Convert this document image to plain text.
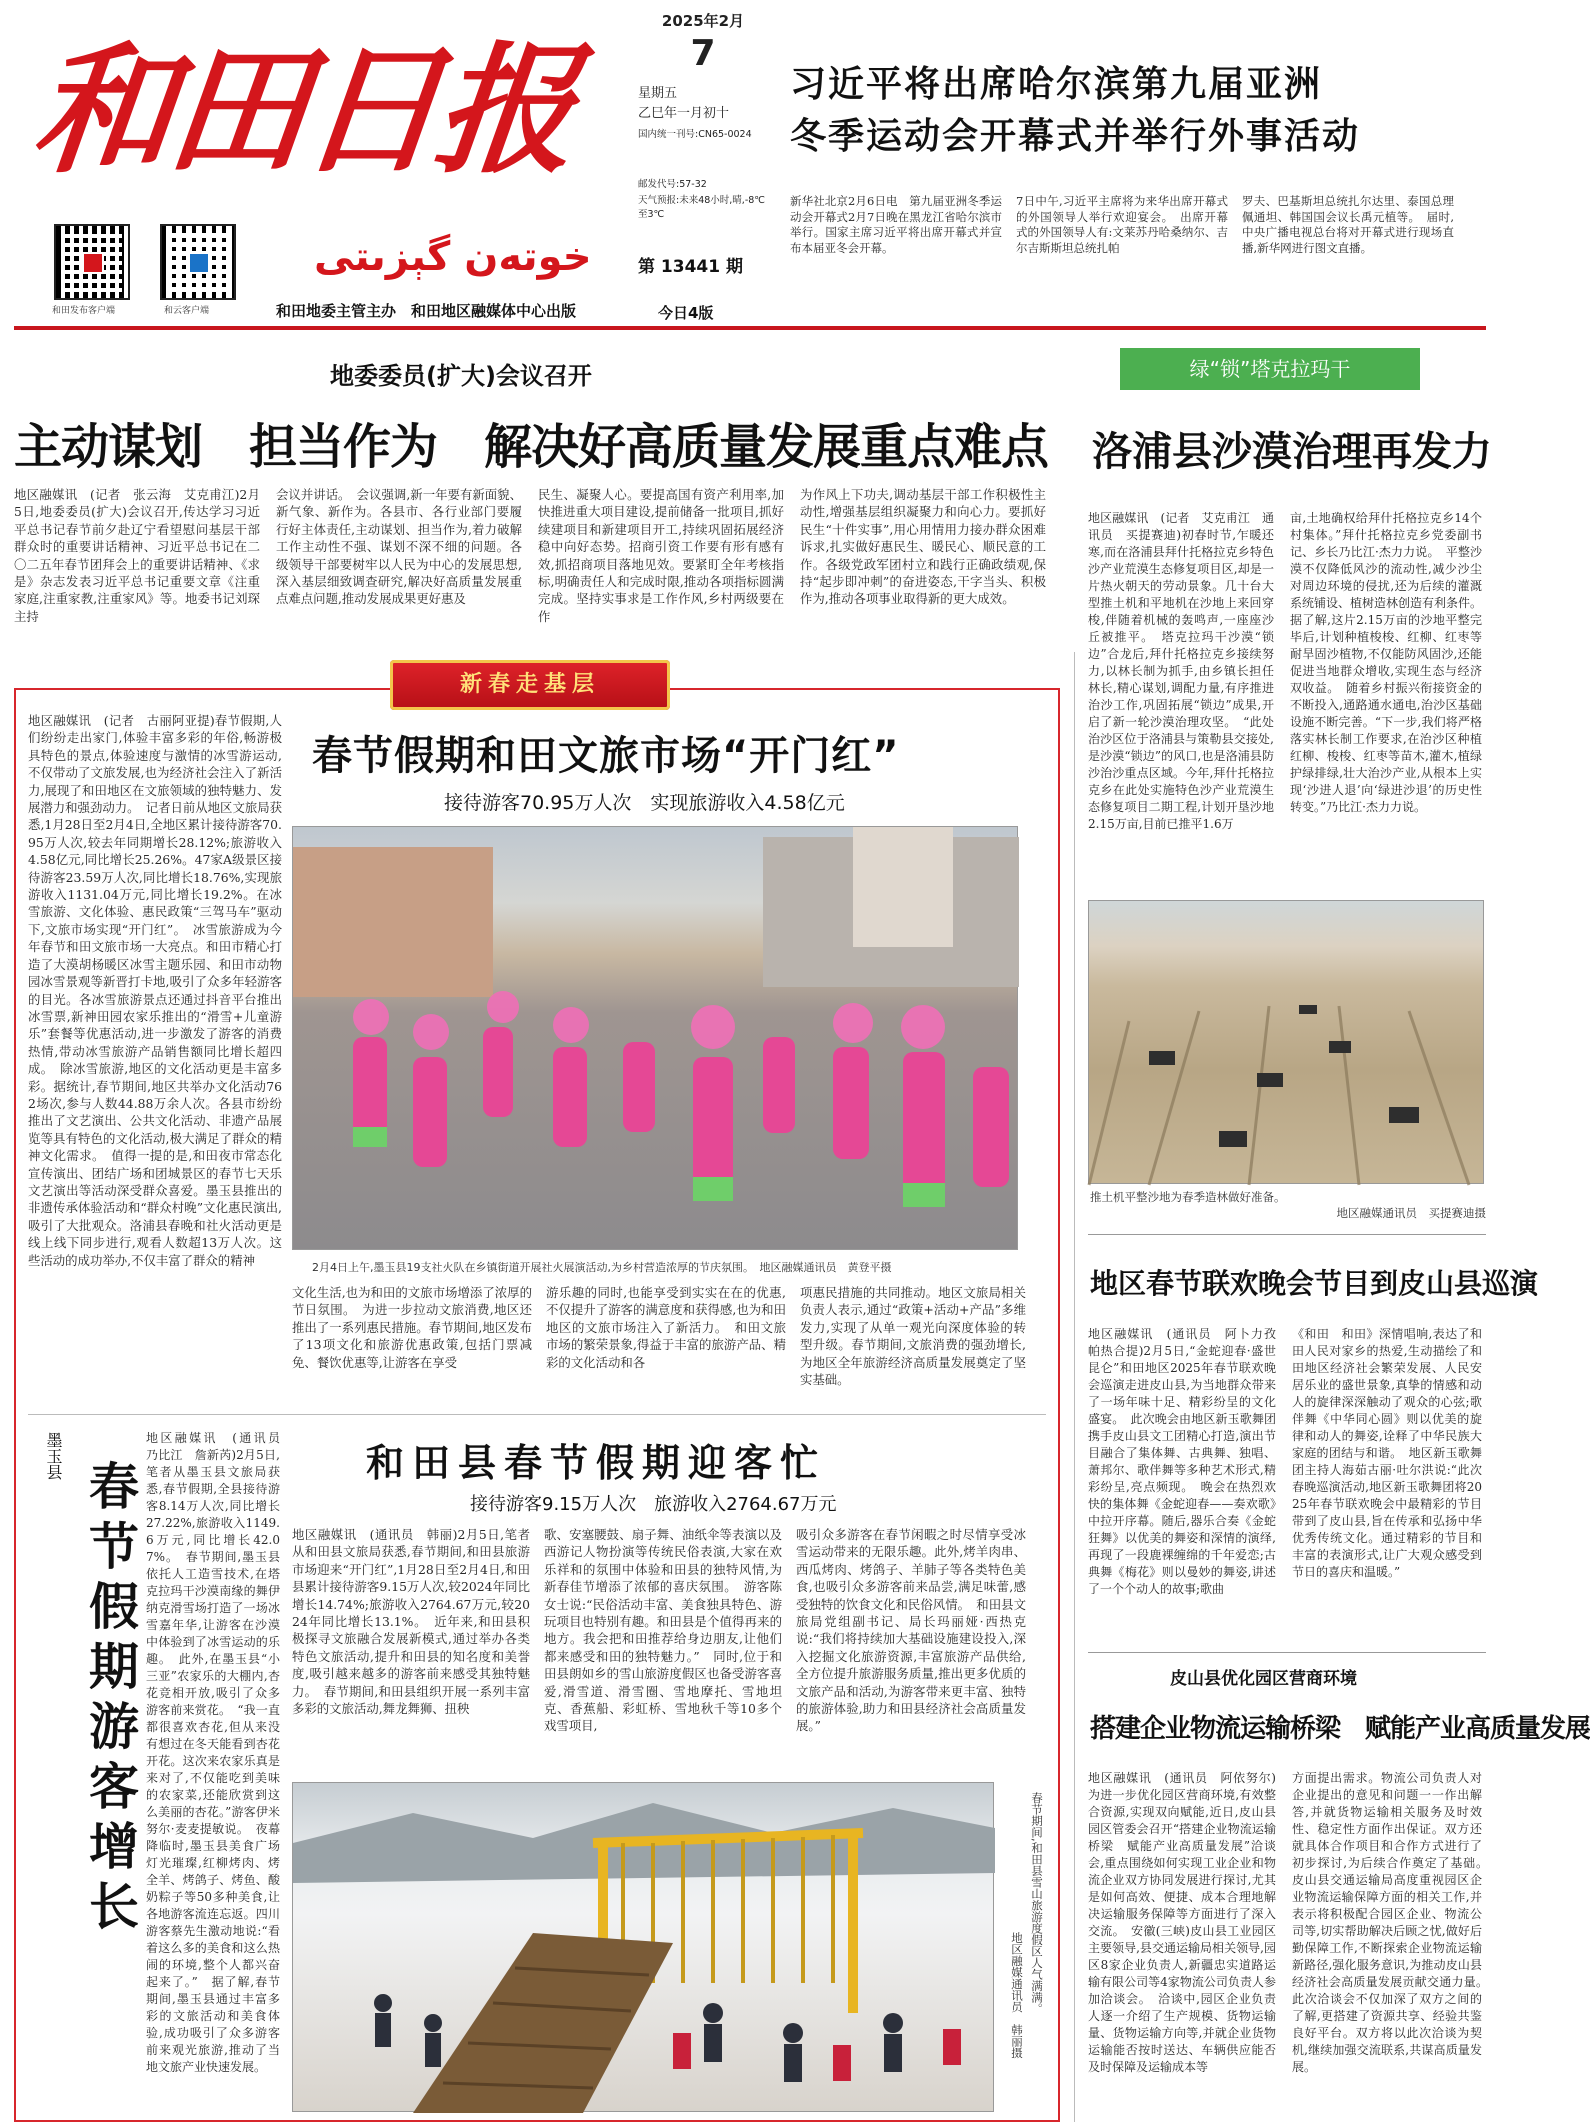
和田日报
和田发布客户端	和云客户端
خوتەن گېزىتى
和田地委主管主办　和田地区融媒体中心出版
2025年2月
7
星期五
乙巳年一月初十
国内统一刊号:CN65-0024
邮发代号:57-32
天气预报:未来48小时,晴,-8℃至3℃
第 13441 期
今日4版
习近平将出席哈尔滨第九届亚洲
冬季运动会开幕式并举行外事活动
新华社北京2月6日电　第九届亚洲冬季运动会开幕式2月7日晚在黑龙江省哈尔滨市举行。国家主席习近平将出席开幕式并宣布本届亚冬会开幕。
7日中午,习近平主席将为来华出席开幕式的外国领导人举行欢迎宴会。　出席开幕式的外国领导人有:文莱苏丹哈桑纳尔、吉尔吉斯斯坦总统扎帕
罗夫、巴基斯坦总统扎尔达里、泰国总理佩通坦、韩国国会议长禹元植等。　届时,中央广播电视总台将对开幕式进行现场直播,新华网进行图文直播。
地委委员(扩大)会议召开
主动谋划　担当作为　解决好高质量发展重点难点
地区融媒讯　(记者　张云海　艾克甫江)2月5日,地委委员(扩大)会议召开,传达学习习近平总书记春节前夕赴辽宁看望慰问基层干部群众时的重要讲话精神、习近平总书记在二〇二五年春节团拜会上的重要讲话精神、《求是》杂志发表习近平总书记重要文章《注重家庭,注重家教,注重家风》等。地委书记刘琛主持
会议并讲话。　会议强调,新一年要有新面貌、新气象、新作为。各县市、各行业部门要履行好主体责任,主动谋划、担当作为,着力破解工作主动性不强、谋划不深不细的问题。各级领导干部要树牢以人民为中心的发展思想,深入基层细致调查研究,解决好高质量发展重点难点问题,推动发展成果更好惠及
民生、凝聚人心。要提高国有资产利用率,加快推进重大项目建设,提前储备一批项目,抓好续建项目和新建项目开工,持续巩固拓展经济稳中向好态势。招商引资工作要有形有感有效,抓招商项目落地见效。要紧盯全年考核指标,明确责任人和完成时限,推动各项指标圆满完成。坚持实事求是工作作风,乡村两级要在作
为作风上下功夫,调动基层干部工作积极性主动性,增强基层组织凝聚力和向心力。要抓好民生“十件实事”,用心用情用力接办群众困难诉求,扎实做好惠民生、暖民心、顺民意的工作。各级党政军团村立和践行正确政绩观,保持“起步即冲刺”的奋进姿态,干字当头、积极作为,推动各项事业取得新的更大成效。
绿“锁”塔克拉玛干
洛浦县沙漠治理再发力
地区融媒讯　(记者　艾克甫江　通讯员　买提赛迪)初春时节,乍暖还寒,而在洛浦县拜什托格拉克乡特色沙产业荒漠生态修复项目区,却是一片热火朝天的劳动景象。几十台大型推土机和平地机在沙地上来回穿梭,伴随着机械的轰鸣声,一座座沙丘被推平。　塔克拉玛干沙漠“锁边”合龙后,拜什托格拉克乡接续努力,以林长制为抓手,由乡镇长担任林长,精心谋划,调配力量,有序推进治沙工作,巩固拓展“锁边”成果,开启了新一轮沙漠治理攻坚。　“此处治沙区位于洛浦县与策勒县交接处,是沙漠“锁边”的风口,也是洛浦县防沙治沙重点区域。今年,拜什托格拉克乡在此处实施特色沙产业荒漠生态修复项目二期工程,计划开垦沙地2.15万亩,目前已推平1.6万
亩,土地确权给拜什托格拉克乡14个村集体。”拜什托格拉克乡党委副书记、乡长乃比江·杰力力说。　平整沙漠不仅降低风沙的流动性,减少沙尘对周边环境的侵扰,还为后续的灌溉系统铺设、植树造林创造有利条件。据了解,这片2.15万亩的沙地平整完毕后,计划种植梭梭、红柳、红枣等耐旱固沙植物,不仅能防风固沙,还能促进当地群众增收,实现生态与经济双收益。　随着乡村振兴衔接资金的不断投入,通路通水通电,治沙区基础设施不断完善。“下一步,我们将严格落实林长制工作要求,在治沙区种植红柳、梭梭、红枣等苗木,灌木,植绿护绿排绿,壮大治沙产业,从根本上实现‘沙进人退’向‘绿进沙退’的历史性转变。”乃比江·杰力力说。
推土机平整沙地为春季造林做好准备。
地区融媒通讯员　买提赛迪摄
地区春节联欢晚会节目到皮山县巡演
地区融媒讯　(通讯员　阿卜力孜　帕热合提)2月5日,“金蛇迎春·盛世昆仑”和田地区2025年春节联欢晚会巡演走进皮山县,为当地群众带来了一场年味十足、精彩纷呈的文化盛宴。　此次晚会由地区新玉歌舞团携手皮山县文工团精心打造,演出节目融合了集体舞、古典舞、独唱、萧邦尔、歌伴舞等多种艺术形式,精彩纷呈,亮点频现。　晚会在热烈欢快的集体舞《金蛇迎春——奏欢歌》中拉开序幕。随后,器乐合奏《金蛇狂舞》以优美的舞姿和深情的演绎,再现了一段鹿裸缠绵的千年爱恋;古典舞《梅花》则以曼妙的舞姿,讲述了一个个动人的故事;歌曲
《和田　和田》深情唱响,表达了和田人民对家乡的热爱,生动描绘了和田地区经济社会繁荣发展、人民安居乐业的盛世景象,真挚的情感和动人的旋律深深触动了观众的心弦;歌伴舞《中华同心圆》则以优美的旋律和动人的舞姿,诠释了中华民族大家庭的团结与和谐。　地区新玉歌舞团主持人海茹古丽·吐尔洪说:“此次春晚巡演活动,地区新玉歌舞团将2025年春节联欢晚会中最精彩的节目带到了皮山县,旨在传承和弘扬中华优秀传统文化。通过精彩的节目和丰富的表演形式,让广大观众感受到节日的喜庆和温暖。”
皮山县优化园区营商环境
搭建企业物流运输桥梁　赋能产业高质量发展
地区融媒讯　(通讯员　阿依努尔)为进一步优化园区营商环境,有效整合资源,实现双向赋能,近日,皮山县园区管委会召开“搭建企业物流运输桥梁　赋能产业高质量发展”洽谈会,重点围绕如何实现工业企业和物流企业双方协同发展进行探讨,尤其是如何高效、便捷、成本合理地解决运输服务保障等方面进行了深入交流。　安徽(三峡)皮山县工业园区主要领导,县交通运输局相关领导,园区8家企业负责人,新疆忠实道路运输有限公司等4家物流公司负责人参加洽谈会。　洽谈中,园区企业负责人逐一介绍了生产规模、货物运输量、货物运输方向等,并就企业货物运输能否按时送达、车辆供应能否及时保障及运输成本等
方面提出需求。物流公司负责人对企业提出的意见和问题一一作出解答,并就货物运输相关服务及时效性、稳定性方面作出保证。双方还就具体合作项目和合作方式进行了初步探讨,为后续合作奠定了基础。　皮山县交通运输局高度重视园区企业物流运输保障方面的相关工作,并表示将积极配合园区企业、物流公司等,切实帮助解决后顾之忧,做好后勤保障工作,不断探索企业物流运输新路径,强化服务意识,为推动皮山县经济社会高质量发展贡献交通力量。　此次洽谈会不仅加深了双方之间的了解,更搭建了资源共享、经验共鉴良好平台。双方将以此次洽谈为契机,继续加强交流联系,共谋高质量发展。
新春走基层
春节假期和田文旅市场“开门红”
接待游客70.95万人次　实现旅游收入4.58亿元
地区融媒讯　(记者　古丽阿亚提)春节假期,人们纷纷走出家门,体验丰富多彩的年俗,畅游极具特色的景点,体验速度与激情的冰雪游运动,不仅带动了文旅发展,也为经济社会注入了新活力,展现了和田地区在文旅领域的独特魅力、发展潜力和强劲动力。　记者日前从地区文旅局获悉,1月28日至2月4日,全地区累计接待游客70.95万人次,较去年同期增长28.12%;旅游收入4.58亿元,同比增长25.26%。47家A级景区接待游客23.59万人次,同比增长18.76%,实现旅游收入1131.04万元,同比增长19.2%。在冰雪旅游、文化体验、惠民政策“三驾马车”驱动下,文旅市场实现“开门红”。　冰雪旅游成为今年春节和田文旅市场一大亮点。和田市精心打造了大漠胡杨暖区冰雪主题乐园、和田市动物园冰雪景观等新晋打卡地,吸引了众多年轻游客的目光。各冰雪旅游景点还通过抖音平台推出冰雪票,新神田园农家乐推出的“滑雪+儿童游乐”套餐等优惠活动,进一步激发了游客的消费热情,带动冰雪旅游产品销售额同比增长超四成。　除冰雪旅游,地区的文化活动更是丰富多彩。据统计,春节期间,地区共举办文化活动762场次,参与人数44.88万余人次。各县市纷纷推出了文艺演出、公共文化活动、非遗产品展览等具有特色的文化活动,极大满足了群众的精神文化需求。　值得一提的是,和田夜市常态化宣传演出、团结广场和团城景区的春节七天乐文艺演出等活动深受群众喜爱。墨玉县推出的非遗传承体验活动和“群众村晚”文化惠民演出,吸引了大批观众。洛浦县春晚和社火活动更是线上线下同步进行,观看人数超13万人次。这些活动的成功举办,不仅丰富了群众的精神	2月4日上午,墨玉县19支社火队在乡镇街道开展社火展演活动,为乡村营造浓厚的节庆氛围。　地区融媒通讯员　黄登平摄
文化生活,也为和田的文旅市场增添了浓厚的节日氛围。　为进一步拉动文旅消费,地区还推出了一系列惠民措施。春节期间,地区发布了13项文化和旅游优惠政策,包括门票减免、餐饮优惠等,让游客在享受
游乐趣的同时,也能享受到实实在在的优惠,不仅提升了游客的满意度和获得感,也为和田地区的文旅市场注入了新活力。　和田文旅市场的繁荣景象,得益于丰富的旅游产品、精彩的文化活动和各
项惠民措施的共同推动。地区文旅局相关负责人表示,通过“政策+活动+产品”多维发力,实现了从单一观光向深度体验的转型升级。春节期间,文旅消费的强劲增长,为地区全年旅游经济高质量发展奠定了坚实基础。
墨玉县
春节假期游客增长
地区融媒讯　(通讯员　乃比江　詹新芮)2月5日,笔者从墨玉县文旅局获悉,春节假期,全县接待游客8.14万人次,同比增长27.22%,旅游收入1149.6万元,同比增长42.07%。　春节期间,墨玉县依托人工造雪技术,在塔克拉玛干沙漠南缘的舞伊纳克滑雪场打造了一场冰雪嘉年华,让游客在沙漠中体验到了冰雪运动的乐趣。　此外,在墨玉县“小三亚”农家乐的大棚内,杏花竞相开放,吸引了众多游客前来赏花。　“我一直都很喜欢杏花,但从来没有想过在冬天能看到杏花开花。这次来农家乐真是来对了,不仅能吃到美味的农家菜,还能欣赏到这么美丽的杏花。”游客伊米努尔·麦麦提敏说。　夜幕降临时,墨玉县美食广场灯光璀璨,红柳烤肉、烤全羊、烤鸽子、烤鱼、酸奶粽子等50多种美食,让各地游客流连忘返。四川游客蔡先生激动地说:“看着这么多的美食和这么热闹的环境,整个人都兴奋起来了。”　据了解,春节期间,墨玉县通过丰富多彩的文旅活动和美食体验,成功吸引了众多游客前来观光旅游,推动了当地文旅产业快速发展。
和田县春节假期迎客忙
接待游客9.15万人次　旅游收入2764.67万元
地区融媒讯　(通讯员　韩丽)2月5日,笔者从和田县文旅局获悉,春节期间,和田县旅游市场迎来“开门红”,1月28日至2月4日,和田县累计接待游客9.15万人次,较2024年同比增长14.74%;旅游收入2764.67万元,较2024年同比增长13.1%。　近年来,和田县积极探寻文旅融合发展新模式,通过举办各类特色文旅活动,提升和田县的知名度和美誉度,吸引越来越多的游客前来感受其独特魅力。　春节期间,和田县组织开展一系列丰富多彩的文旅活动,舞龙舞狮、扭秧
歌、安塞腰鼓、扇子舞、油纸伞等表演以及西游记人物扮演等传统民俗表演,大家在欢乐祥和的氛围中体验和田县的独特风情,为新春佳节增添了浓郁的喜庆氛围。　游客陈女士说:“民俗活动丰富、美食独具特色、游玩项目也特别有趣。和田县是个值得再来的地方。我会把和田推荐给身边朋友,让他们都来感受和田的独特魅力。”　同时,位于和田县朗如乡的雪山旅游度假区也备受游客喜爱,滑雪道、滑雪圈、雪地摩托、雪地坦克、香蕉船、彩虹桥、雪地秋千等10多个戏雪项目,
吸引众多游客在春节闲暇之时尽情享受冰雪运动带来的无限乐趣。此外,烤羊肉串、西瓜烤肉、烤鸽子、羊肺子等各类特色美食,也吸引众多游客前来品尝,满足味蕾,感受独特的饮食文化和民俗风情。　和田县文旅局党组副书记、局长玛丽娅·西热克说:“我们将持续加大基础设施建设投入,深入挖掘文化旅游资源,丰富旅游产品供给,全方位提升旅游服务质量,推出更多优质的文旅产品和活动,为游客带来更丰富、独特的旅游体验,助力和田县经济社会高质量发展。”
春节期间,和田县雪山旅游度假区人气满满。
地区融媒通讯员　韩丽摄
